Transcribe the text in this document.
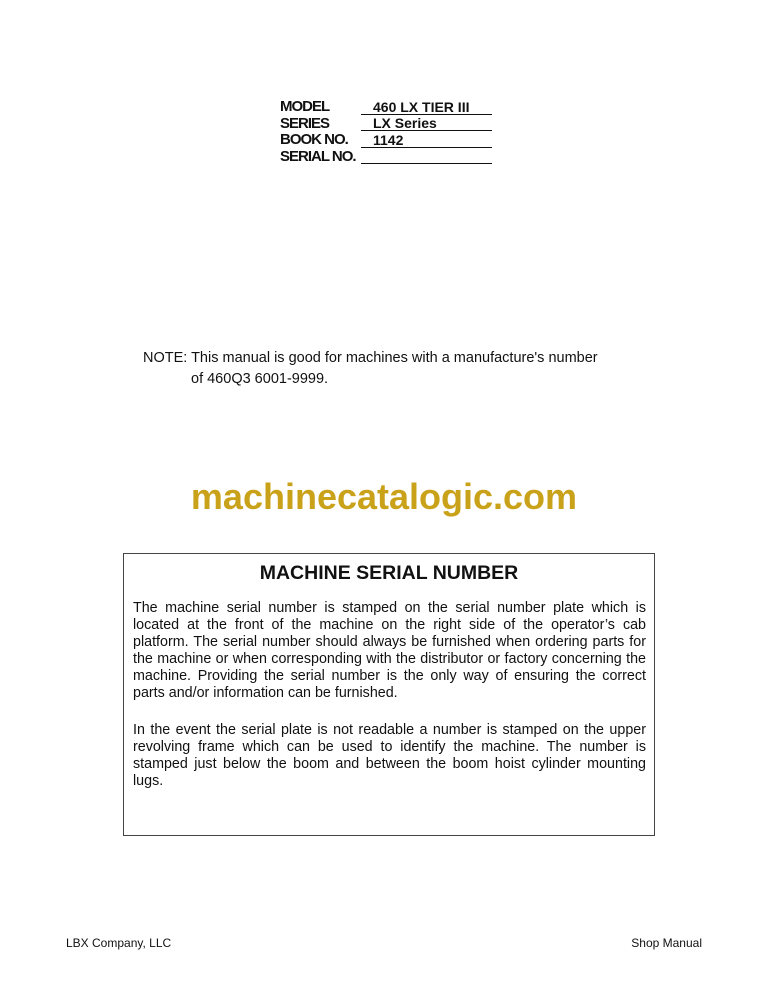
MODEL	460 LX TIER III
SERIES	LX Series
BOOK NO. 1142
SERIAL NO.
NOTE: This manual is good for machines with a manufacture's number
of 460Q3 6001-9999.
machinecatalogic.com
MACHINE SERIAL NUMBER
The machine serial number is stamped on the serial number plate which is located at the front of the machine on the right side of the operator’s cab platform. The serial number should always be furnished when ordering parts for the machine or when corresponding with the distributor or factory concerning the machine. Providing the serial number is the only way of ensuring the correct parts and/or information can be furnished.
In the event the serial plate is not readable a number is stamped on the upper revolving frame which can be used to identify the machine. The number is stamped just below the boom and between the boom hoist cylinder mounting lugs.
LBX Company, LLC	Shop Manual
